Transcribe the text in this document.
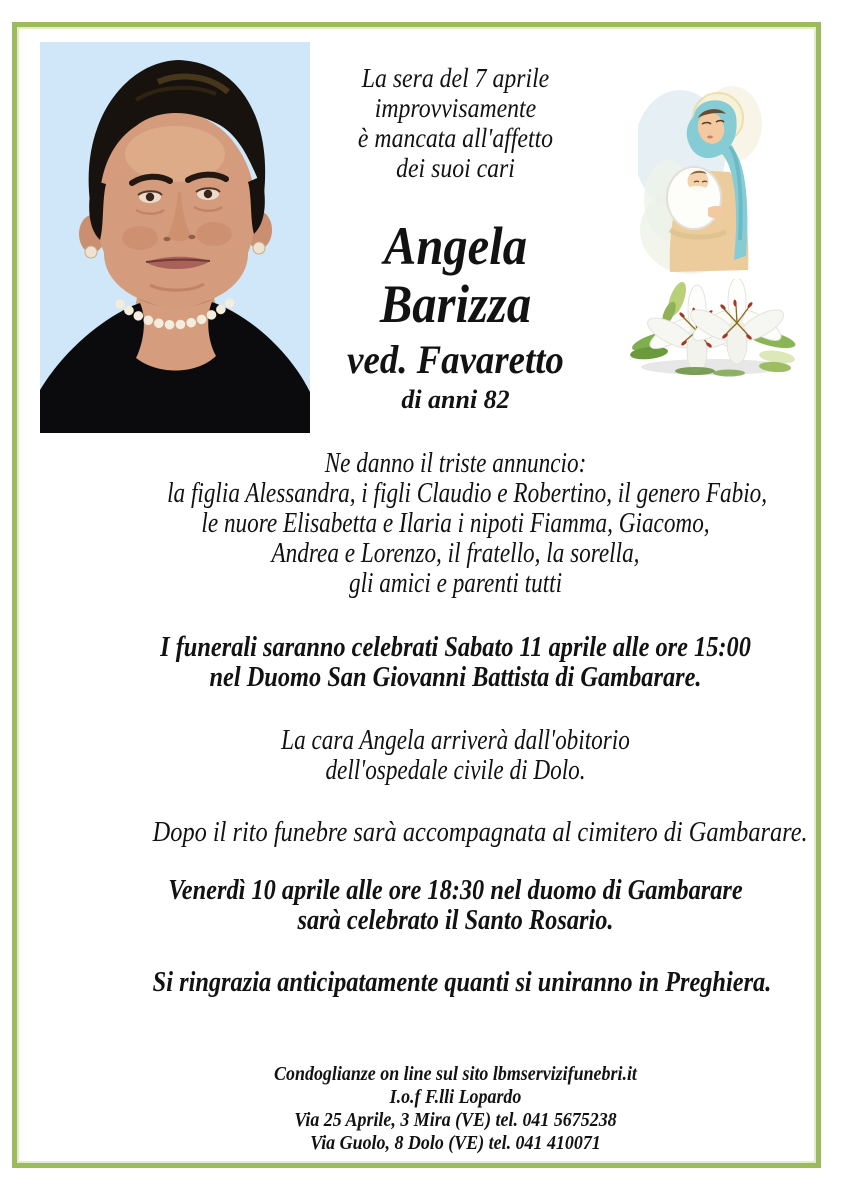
La sera del 7 aprile
improvvisamente
è mancata all'affetto
dei suoi cari
Angela
Barizza
ved. Favaretto
di anni 82
Ne danno il triste annuncio:
la figlia Alessandra, i figli Claudio e Robertino, il genero Fabio,
le nuore Elisabetta e Ilaria i nipoti Fiamma, Giacomo,
Andrea e Lorenzo, il fratello, la sorella,
gli amici e parenti tutti
I funerali saranno celebrati Sabato 11 aprile alle ore 15:00
nel Duomo San Giovanni Battista di Gambarare.
La cara Angela arriverà dall'obitorio
dell'ospedale civile di Dolo.
Dopo il rito funebre sarà accompagnata al cimitero di Gambarare.
Venerdì 10 aprile alle ore 18:30 nel duomo di Gambarare
sarà celebrato il Santo Rosario.
Si ringrazia anticipatamente quanti si uniranno in Preghiera.
Condoglianze on line sul sito lbmservizifunebri.it
I.o.f F.lli Lopardo
Via 25 Aprile, 3 Mira (VE) tel. 041 5675238
Via Guolo, 8 Dolo (VE) tel. 041 410071
